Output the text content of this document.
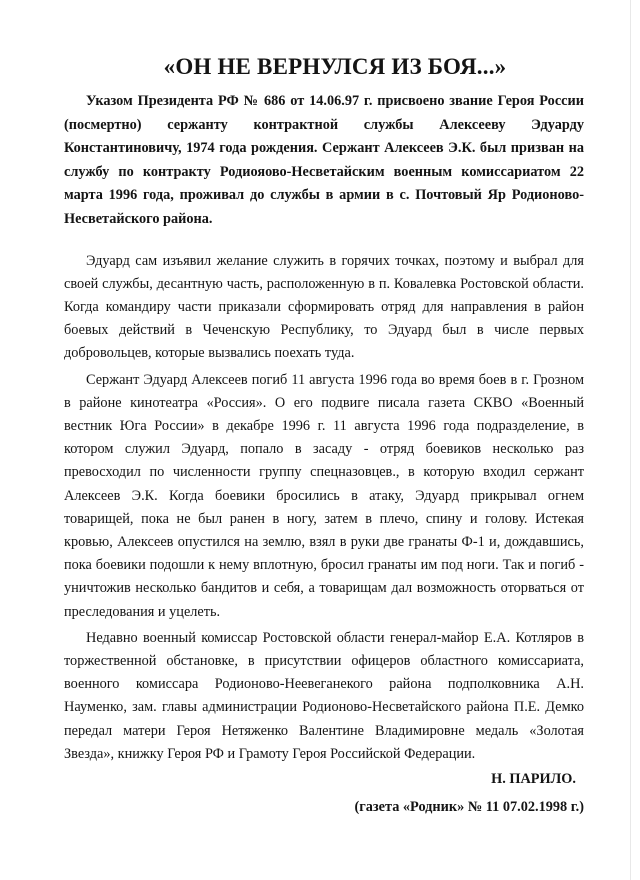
«ОН НЕ ВЕРНУЛСЯ ИЗ БОЯ...»

Указом Президента РФ № 686 от 14.06.97 г. присвоено звание Героя России (посмертно) сержанту контрактной службы Алексееву Эдуарду Константиновичу, 1974 года рождения. Сержант Алексеев Э.К. был призван на службу по контракту Родиояово-Несветайским военным комиссариатом 22 марта 1996 года, проживал до службы в армии в с. Почтовый Яр Родионово-Несветайского района.

Эдуард сам изъявил желание служить в горячих точках, поэтому и выбрал для своей службы, десантную часть, расположенную в п. Ковалевка Ростовской области. Когда командиру части приказали сформировать отряд для направления в район боевых действий в Чеченскую Республику, то Эдуард был в числе первых добровольцев, которые вызвались поехать туда.

Сержант Эдуард Алексеев погиб 11 августа 1996 года во время боев в г. Грозном в районе кинотеатра «Россия». О его подвиге писала газета СКВО «Военный вестник Юга России» в декабре 1996 г. 11 августа 1996 года подразделение, в котором служил Эдуард, попало в засаду - отряд боевиков несколько раз превосходил по численности группу спецназовцев., в которую входил сержант Алексеев Э.К. Когда боевики бросились в атаку, Эдуард прикрывал огнем товарищей, пока не был ранен в ногу, затем в плечо, спину и голову. Истекая кровью, Алексеев опустился на землю, взял в руки две гранаты Ф-1 и, дождавшись, пока боевики подошли к нему вплотную, бросил гранаты им под ноги. Так и погиб - уничтожив несколько бандитов и себя, а товарищам дал возможность оторваться от преследования и уцелеть.

Недавно военный комиссар Ростовской области генерал-майор Е.А. Котляров в торжественной обстановке, в присутствии офицеров областного комиссариата, военного комиссара Родионово-Неевеганекого района подполковника А.Н. Науменко, зам. главы администрации Родионово-Несветайского района П.Е. Демко передал матери Героя Нетяженко Валентине Владимировне медаль «Золотая Звезда», книжку Героя РФ и Грамоту Героя Российской Федерации.

Н. ПАРИЛО.

(газета «Родник» № 11 07.02.1998 г.)
